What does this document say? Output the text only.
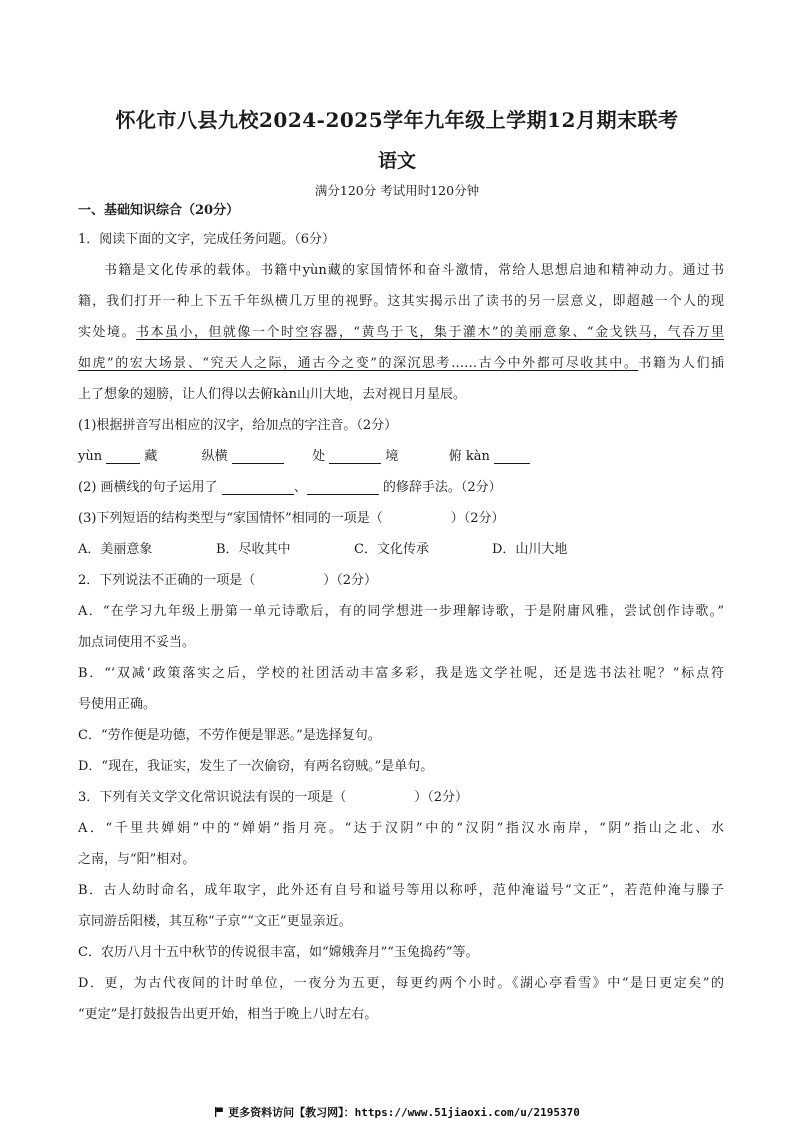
怀化市八县九校2024-2025学年九年级上学期12月期末联考
语文
满分120分 考试用时120分钟
一、基础知识综合（20分）
1．阅读下面的文字，完成任务问题。（6分）
书籍是文化传承的载体。书籍中yùn藏的家国情怀和奋斗激情，常给人思想启迪和精神动力。通过书
籍，我们打开一种上下五千年纵横几万里的视野。这其实揭示出了读书的另一层意义，即超越一个人的现
实处境。书本虽小，但就像一个时空容器，“黄鸟于飞，集于灌木”的美丽意象、“金戈铁马，气吞万里
如虎”的宏大场景、“究天人之际，通古今之变”的深沉思考……古今中外都可尽收其中。书籍为人们插
上了想象的翅膀，让人们得以去俯kàn山川大地，去对视日月星辰。
(1)根据拼音写出相应的汉字，给加点的字注音。（2分）
yùn	藏	纵横	处	境	俯 kàn
(2) 画横线的句子运用了	、	的修辞手法。（2分）
(3)下列短语的结构类型与“家国情怀”相同的一项是（	）（2分）
A．美丽意象	B．尽收其中	C．文化传承	D．山川大地
2．下列说法不正确的一项是（	）（2分）
A．“在学习九年级上册第一单元诗歌后，有的同学想进一步理解诗歌，于是附庸风雅，尝试创作诗歌。”
加点词使用不妥当。
B．“‘双减’政策落实之后，学校的社团活动丰富多彩，我是选文学社呢，还是选书法社呢？”标点符
号使用正确。
C．“劳作便是功德，不劳作便是罪恶。”是选择复句。
D．“现在，我证实，发生了一次偷窃，有两名窃贼。”是单句。
3．下列有关文学文化常识说法有误的一项是（	）（2分）
A．“千里共婵娟”中的“婵娟”指月亮。“达于汉阴”中的“汉阴”指汉水南岸，“阴”指山之北、水
之南，与“阳”相对。
B．古人幼时命名，成年取字，此外还有自号和谥号等用以称呼，范仲淹谥号“文正”，若范仲淹与滕子
京同游岳阳楼，其互称“子京”“文正”更显亲近。
C．农历八月十五中秋节的传说很丰富，如“嫦娥奔月”“玉兔捣药”等。
D．更，为古代夜间的计时单位，一夜分为五更，每更约两个小时。《湖心亭看雪》中“是日更定矣”的
“更定”是打鼓报告出更开始，相当于晚上八时左右。
更多资料访问【教习网】：https://www.51jiaoxi.com/u/2195370
